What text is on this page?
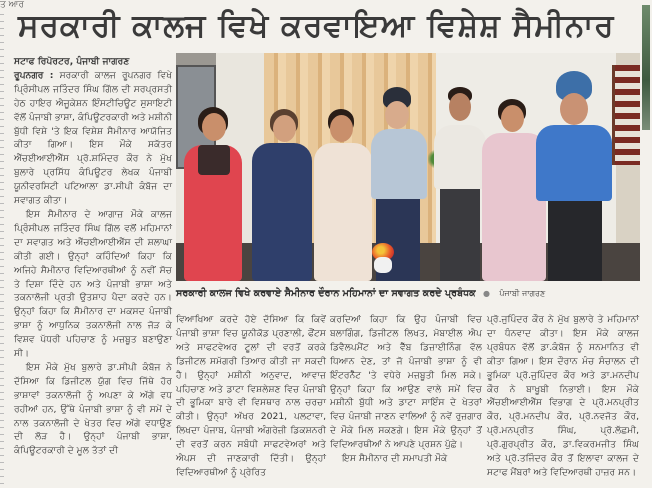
ਤ ਆਰ
ਸਰਕਾਰੀ ਕਾਲਜ ਵਿਖੇ ਕਰਵਾਇਆ ਵਿਸ਼ੇਸ਼ ਸੈਮੀਨਾਰ

ਸਟਾਫ ਰਿਪੋਰਟਰ, ਪੰਜਾਬੀ ਜਾਗਰਣ

ਰੂਪਨਗਰ : ਸਰਕਾਰੀ ਕਾਲਜ ਰੂਪਨਗਰ ਵਿਖੇ ਪ੍ਰਿੰਸੀਪਲ ਜਤਿੰਦਰ ਸਿੰਘ ਗਿੱਲ ਦੀ ਸਰਪ੍ਰਸਤੀ ਹੇਠ ਹਾਇਰ ਐਜੂਕੇਸ਼ਨ ਇੰਸਟੀਚਿਊਟ ਸੁਸਾਇਟੀ ਵੱਲੋਂ ਪੰਜਾਬੀ ਭਾਸ਼ਾ, ਕੰਪਿਊਟਰਕਾਰੀ ਅਤੇ ਮਸ਼ੀਨੀ ਬੁੱਧੀ ਵਿਸ਼ੇ 'ਤੇ ਇਕ ਵਿਸ਼ੇਸ਼ ਸੈਮੀਨਾਰ ਆਯੋਜਿਤ ਕੀਤਾ ਗਿਆ। ਇਸ ਮੌਕੇ ਸਕੱਤਰ ਐੱਚਈਆਈਐੱਸ ਪ੍ਰੋ.ਸ਼ਮਿੰਦਰ ਕੌਰ ਨੇ ਮੁੱਖ ਬੁਲਾਰੇ ਪ੍ਰਸਿੱਧ ਕੰਪਿਊਟਰ ਲੇਖਕ ਪੰਜਾਬੀ ਯੂਨੀਵਰਸਿਟੀ ਪਟਿਆਲਾ ਡਾ.ਸੀਪੀ ਕੰਬੋਜ ਦਾ ਸਵਾਗਤ ਕੀਤਾ।

ਇਸ ਸੈਮੀਨਾਰ ਦੇ ਆਗਾਜ਼ ਮੌਕੇ ਕਾਲਜ ਪ੍ਰਿੰਸੀਪਲ ਜਤਿੰਦਰ ਸਿੰਘ ਗਿੱਲ ਵਲੋਂ ਮਹਿਮਾਨਾਂ ਦਾ ਸਵਾਗਤ ਅਤੇ ਐੱਚਈਆਈਐੱਸ ਦੀ ਸ਼ਲਾਘਾ ਕੀਤੀ ਗਈ। ਉਨ੍ਹਾਂ ਕਹਿੰਦਿਆਂ ਕਿਹਾ ਕਿ ਅਜਿਹੇ ਸੈਮੀਨਾਰ ਵਿਦਿਆਰਥੀਆਂ ਨੂੰ ਨਵੀਂ ਸੋਚ ਤੇ ਦਿਸ਼ਾ ਦਿੰਦੇ ਹਨ ਅਤੇ ਪੰਜਾਬੀ ਭਾਸ਼ਾ ਅਤੇ ਤਕਨਾਲੋਜੀ ਪ੍ਰਤੀ ਉਤਸ਼ਾਹ ਪੈਦਾ ਕਰਦੇ ਹਨ। ਉਨ੍ਹਾਂ ਕਿਹਾ ਕਿ ਸੈਮੀਨਾਰ ਦਾ ਮਕਸਦ ਪੰਜਾਬੀ ਭਾਸ਼ਾ ਨੂੰ ਆਧੁਨਿਕ ਤਕਨਾਲੋਜੀ ਨਾਲ ਜੋੜ ਕੇ ਵਿਸ਼ਵ ਪੱਧਰੀ ਪਹਿਚਾਣ ਨੂੰ ਮਜ਼ਬੂਤ ਬਣਾਉਣਾ ਸੀ।

ਇਸ ਮੌਕੇ ਮੁੱਖ ਬੁਲਾਰੇ ਡਾ.ਸੀਪੀ ਕੰਬੋਜ ਨੇ ਦੱਸਿਆ ਕਿ ਡਿਜੀਟਲ ਯੁੱਗ ਵਿਚ ਜਿੱਥੇ ਹੋਰ ਭਾਸ਼ਾਵਾਂ ਤਕਨਾਲੋਜੀ ਨੂੰ ਅਪਣਾ ਕੇ ਅੱਗੇ ਵਧ ਰਹੀਆਂ ਹਨ, ਉੱਥੇ ਪੰਜਾਬੀ ਭਾਸ਼ਾ ਨੂੰ ਵੀ ਸਮੇਂ ਦੇ ਨਾਲ ਤਕਨਾਲੋਜੀ ਦੇ ਖੇਤਰ ਵਿਚ ਅੱਗੇ ਵਧਾਉਣ ਦੀ ਲੋੜ ਹੈ। ਉਨ੍ਹਾਂ ਪੰਜਾਬੀ ਭਾਸ਼ਾ, ਕੰਪਿਊਟਰਕਾਰੀ ਦੇ ਮੂਲ ਤੱਤਾਂ ਦੀ

ਸਰਕਾਰੀ ਕਾਲਜ ਵਿਖੇ ਕਰਵਾਏ ਸੈਮੀਨਾਰ ਦੌਰਾਨ ਮਹਿਮਾਨਾਂ ਦਾ ਸਵਾਗਤ ਕਰਦੇ ਪ੍ਰਬੰਧਕ ● ਪੰਜਾਬੀ ਜਾਗਰਣ

ਵਿਆਖਿਆ ਕਰਦੇ ਹੋਏ ਦੱਸਿਆ ਕਿ ਕਿਵੇਂ ਪੰਜਾਬੀ ਭਾਸ਼ਾ ਵਿਚ ਯੂਨੀਕੋਡ ਪ੍ਰਣਾਲੀ, ਫੌਂਟਸ ਅਤੇ ਸਾਫਟਵੇਅਰ ਟੂਲਾਂ ਦੀ ਵਰਤੋਂ ਕਰਕੇ ਡਿਜੀਟਲ ਸਮੱਗਰੀ ਤਿਆਰ ਕੀਤੀ ਜਾ ਸਕਦੀ ਹੈ। ਉਨ੍ਹਾਂ ਮਸ਼ੀਨੀ ਅਨੁਵਾਦ, ਆਵਾਜ਼ ਪਹਿਚਾਣ ਅਤੇ ਡਾਟਾ ਵਿਸ਼ਲੇਸ਼ਣ ਵਿਚ ਪੰਜਾਬੀ ਦੀ ਭੂਮਿਕਾ ਬਾਰੇ ਵੀ ਵਿਸਥਾਰ ਨਾਲ ਚਰਚਾ ਕੀਤੀ। ਉਨ੍ਹਾਂ ਅੱਖਰ 2021, ਪਲਟਾਵਾ, ਲਿਖਦਾ ਪੰਜਾਬ, ਪੰਜਾਬੀ ਅੰਗਰੇਜ਼ੀ ਡਿਕਸ਼ਨਰੀ ਦੀ ਵਰਤੋਂ ਕਰਨ ਸਬੰਧੀ ਸਾਫਟਵੇਅਰਾਂ ਅਤੇ ਐਪਸ ਦੀ ਜਾਣਕਾਰੀ ਦਿੱਤੀ। ਉਨ੍ਹਾਂ ਵਿਦਿਆਰਥੀਆਂ ਨੂੰ ਪ੍ਰੇਰਿਤ

ਕਰਦਿਆਂ ਕਿਹਾ ਕਿ ਉਹ ਪੰਜਾਬੀ ਵਿਚ ਬਲਾਗਿੰਗ, ਡਿਜੀਟਲ ਲਿਖਤ, ਮੋਬਾਈਲ ਐਪ ਡਿਵੈਲਪਮੈਂਟ ਅਤੇ ਵੈੱਬ ਡਿਜ਼ਾਈਨਿੰਗ ਵੱਲ ਧਿਆਨ ਦੇਣ, ਤਾਂ ਜੋ ਪੰਜਾਬੀ ਭਾਸ਼ਾ ਨੂੰ ਵੀ ਇੰਟਰਨੈੱਟ 'ਤੇ ਵਧੇਰੇ ਮਜ਼ਬੂਤੀ ਮਿਲ ਸਕੇ। ਉਨ੍ਹਾਂ ਕਿਹਾ ਕਿ ਆਉਣ ਵਾਲੇ ਸਮੇਂ ਵਿਚ ਮਸ਼ੀਨੀ ਬੁੱਧੀ ਅਤੇ ਡਾਟਾ ਸਾਇੰਸ ਦੇ ਖੇਤਰਾਂ ਵਿਚ ਪੰਜਾਬੀ ਜਾਣਨ ਵਾਲਿਆਂ ਨੂੰ ਨਵੇਂ ਰੁਜ਼ਗਾਰ ਦੇ ਮੌਕੇ ਮਿਲ ਸਕਣਗੇ। ਇਸ ਮੌਕੇ ਉਨ੍ਹਾਂ ਤੋਂ ਵਿਦਿਆਰਥੀਆਂ ਨੇ ਆਪਣੇ ਪ੍ਰਸ਼ਨ ਪੁੱਛੇ।

ਇਸ ਸੈਮੀਨਾਰ ਦੀ ਸਮਾਪਤੀ ਮੌਕੇ

ਪ੍ਰੋ.ਜੁਪਿੰਦਰ ਕੌਰ ਨੇ ਮੁੱਖ ਬੁਲਾਰੇ ਤੇ ਮਹਿਮਾਨਾਂ ਦਾ ਧੰਨਵਾਦ ਕੀਤਾ। ਇਸ ਮੌਕੇ ਕਾਲਜ ਪ੍ਰਬੰਧਨ ਵੱਲੋਂ ਡਾ.ਕੰਬੋਜ ਨੂੰ ਸਨਮਾਨਿਤ ਵੀ ਕੀਤਾ ਗਿਆ। ਇਸ ਦੌਰਾਨ ਮੰਚ ਸੰਚਾਲਨ ਦੀ ਭੂਮਿਕਾ ਪ੍ਰੋ.ਜੁਪਿੰਦਰ ਕੌਰ ਅਤੇ ਡਾ.ਮਨਦੀਪ ਕੌਰ ਨੇ ਬਾਖੂਬੀ ਨਿਭਾਈ। ਇਸ ਮੌਕੇ ਐੱਚਈਆਈਐੱਸ ਵਿਭਾਗ ਦੇ ਪ੍ਰੋ.ਮਨਪ੍ਰੀਤ ਕੌਰ, ਪ੍ਰੋ.ਮਨਦੀਪ ਕੌਰ, ਪ੍ਰੋ.ਨਵਜੋਤ ਕੌਰ, ਪ੍ਰੋ.ਮਨਪ੍ਰੀਤ ਸਿੰਘ, ਪ੍ਰੋ.ਲੱਛਮੀ, ਪ੍ਰੋ.ਗੁਰਪ੍ਰੀਤ ਕੌਰ, ਡਾ.ਵਿਕਰਮਜੀਤ ਸਿੰਘ ਅਤੇ ਪ੍ਰੋ.ਤਜਿੰਦਰ ਕੌਰ ਤੋਂ ਇਲਾਵਾ ਕਾਲਜ ਦੇ ਸਟਾਫ ਮੈਂਬਰਾਂ ਅਤੇ ਵਿਦਿਆਰਥੀ ਹਾਜ਼ਰ ਸਨ।
